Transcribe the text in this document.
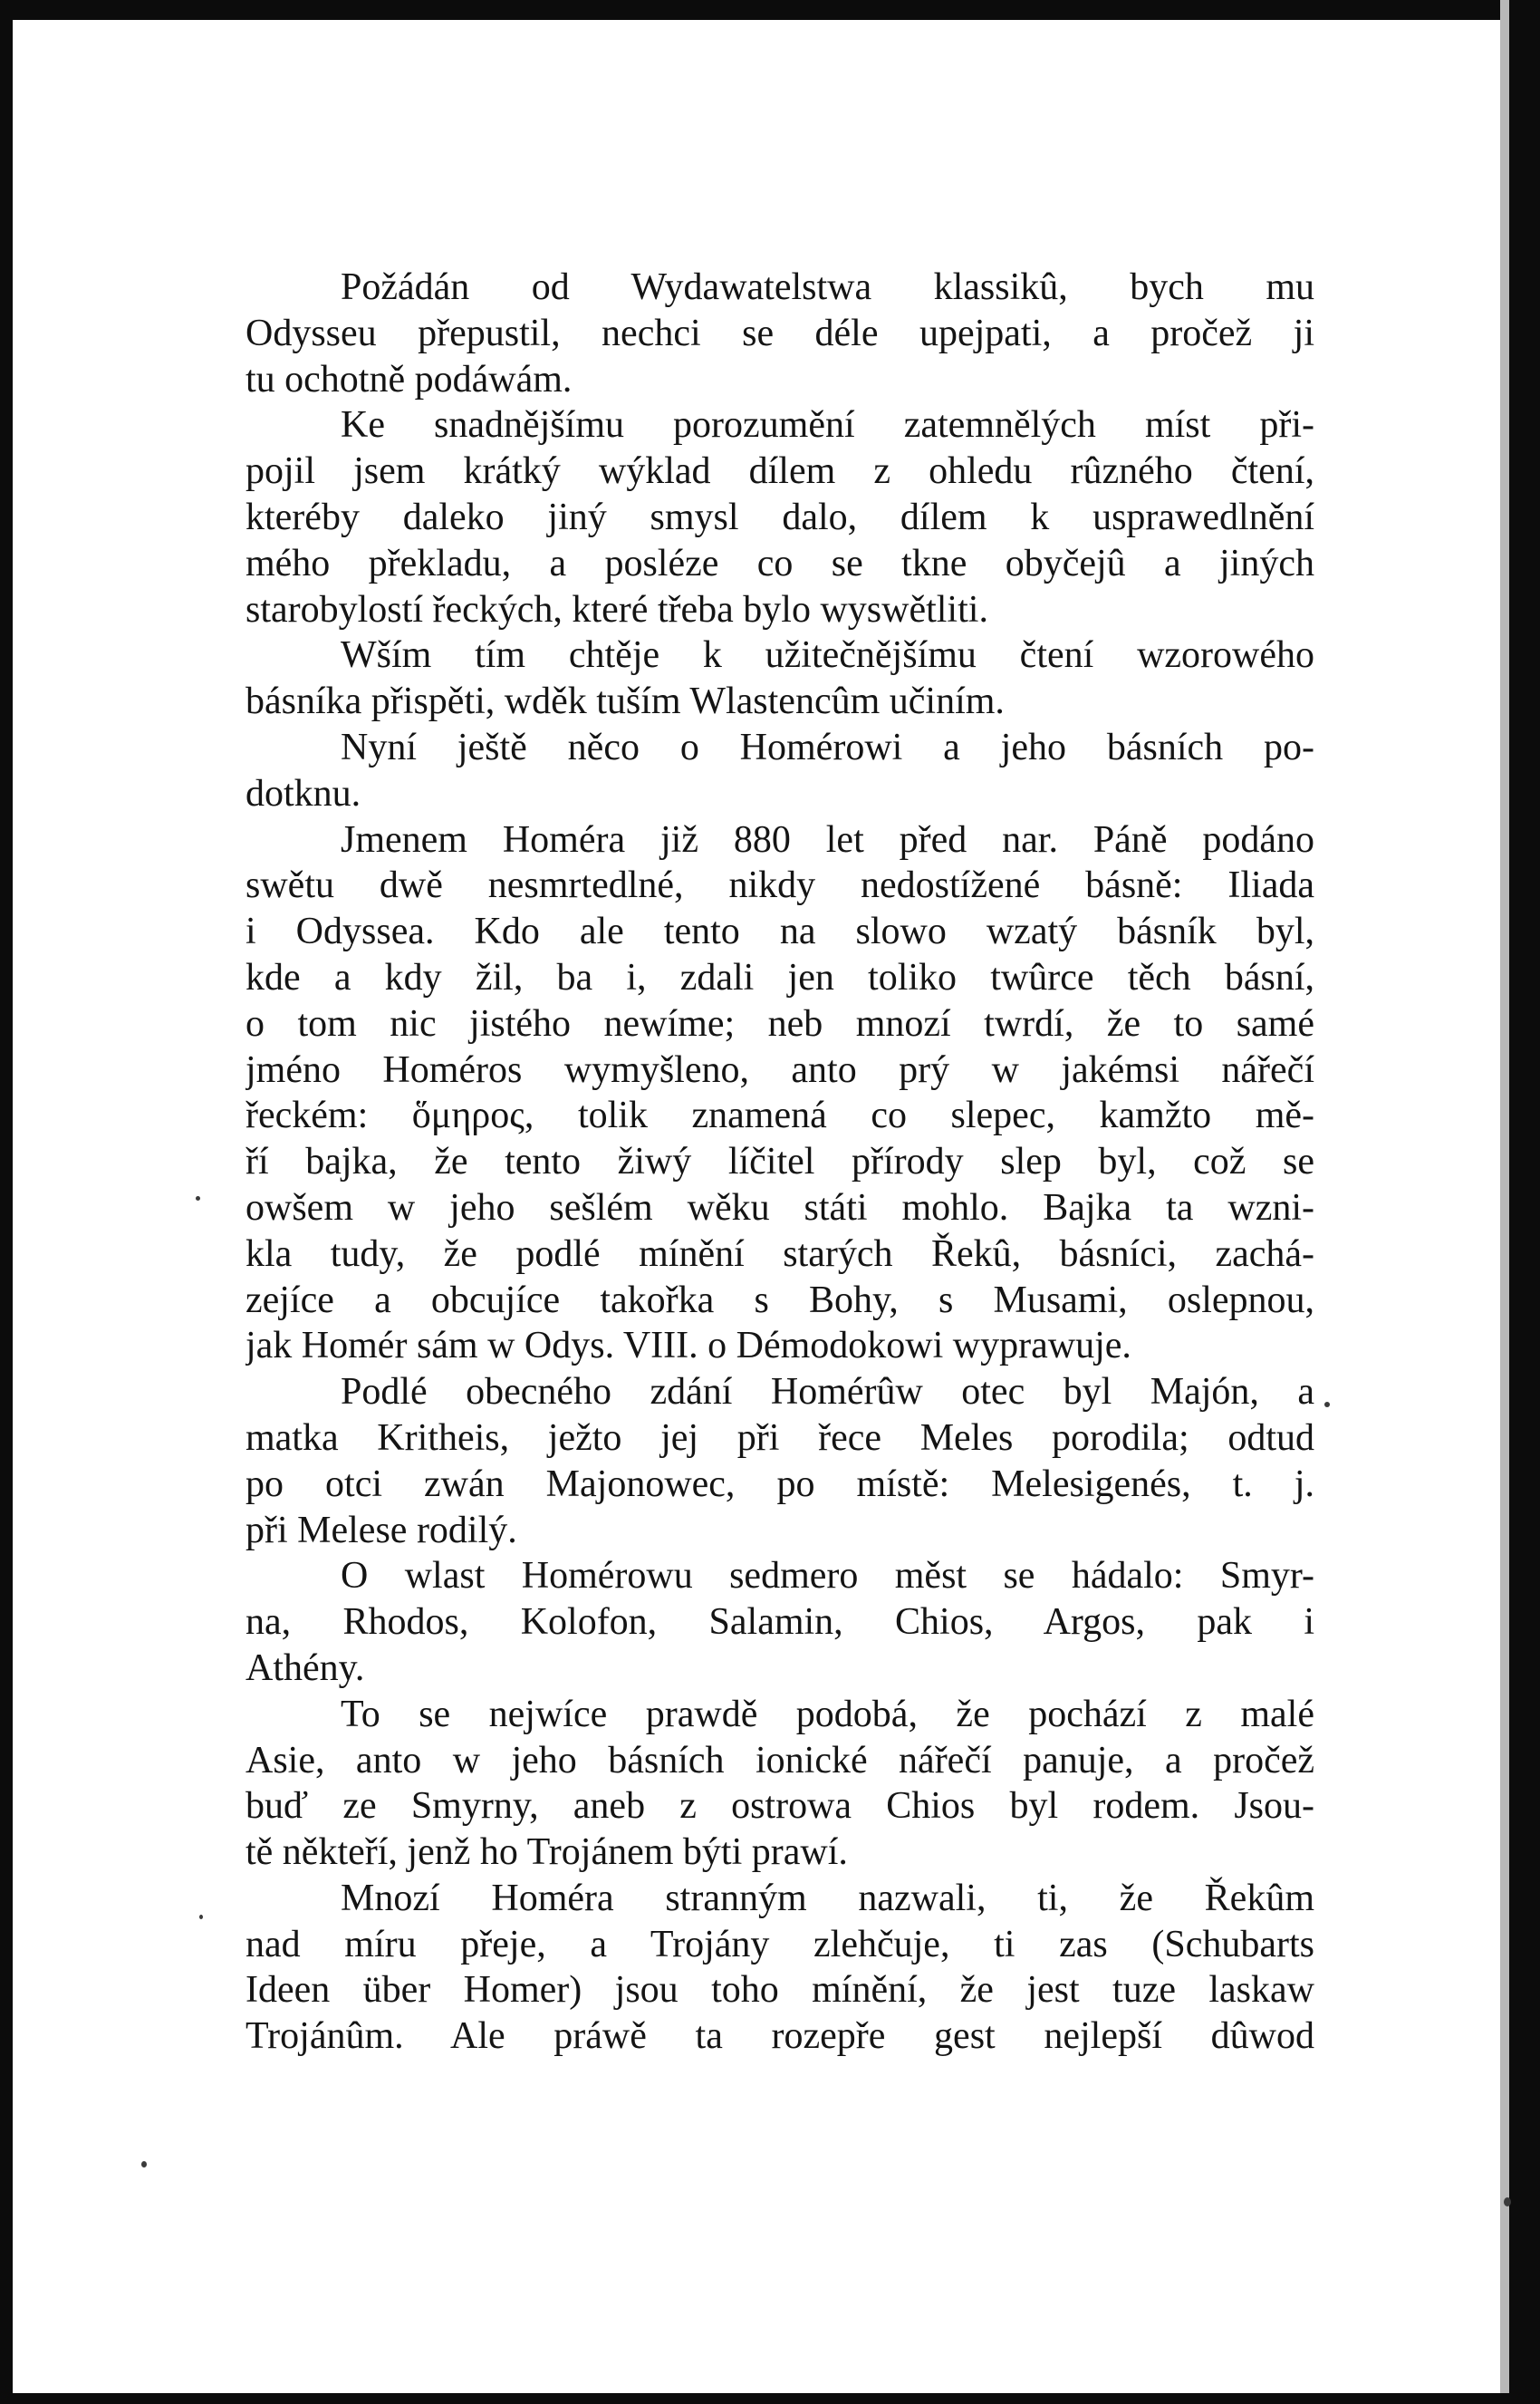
Požádán od Wydawatelstwa klassikû, bych mu
Odysseu přepustil, nechci se déle upejpati, a pročež ji
tu ochotně podáwám.
Ke snadnějšímu porozumění zatemnělých míst při-
pojil jsem krátký wýklad dílem z ohledu rûzného čtení,
kteréby daleko jiný smysl dalo, dílem k usprawedlnění
mého překladu, a posléze co se tkne obyčejû a jiných
starobylostí řeckých, které třeba bylo wyswětliti.
Wším tím chtěje k užitečnějšímu čtení wzorowého
básníka přispěti, wděk tuším Wlastencûm učiním.
Nyní ještě něco o Homérowi a jeho básních po-
dotknu.
Jmenem Homéra již 880 let před nar. Páně podáno
swětu dwě nesmrtedlné, nikdy nedostížené básně: Iliada
i Odyssea. Kdo ale tento na slowo wzatý básník byl,
kde a kdy žil, ba i, zdali jen toliko twûrce těch básní,
o tom nic jistého newíme; neb mnozí twrdí, že to samé
jméno Homéros wymyšleno, anto prý w jakémsi nářečí
řeckém: ὅμηρος, tolik znamená co slepec, kamžto mě-
ří bajka, že tento žiwý líčitel přírody slep byl, což se
owšem w jeho sešlém wěku státi mohlo. Bajka ta wzni-
kla tudy, že podlé mínění starých Řekû, básníci, zachá-
zejíce a obcujíce takořka s Bohy, s Musami, oslepnou,
jak Homér sám w Odys. VIII. o Démodokowi wyprawuje.
Podlé obecného zdání Homérûw otec byl Majón, a
matka Kritheis, ježto jej při řece Meles porodila; odtud
po otci zwán Majonowec, po místě: Melesigenés, t. j.
při Melese rodilý.
O wlast Homérowu sedmero měst se hádalo: Smyr-
na, Rhodos, Kolofon, Salamin, Chios, Argos, pak i
Athény.
To se nejwíce prawdě podobá, že pochází z malé
Asie, anto w jeho básních ionické nářečí panuje, a pročež
buď ze Smyrny, aneb z ostrowa Chios byl rodem. Jsou-
tě někteří, jenž ho Trojánem býti prawí.
Mnozí Homéra stranným nazwali, ti, že Řekûm
nad míru přeje, a Trojány zlehčuje, ti zas (Schubarts
Ideen über Homer) jsou toho mínění, že jest tuze laskaw
Trojánûm. Ale práwě ta rozepře gest nejlepší dûwod
